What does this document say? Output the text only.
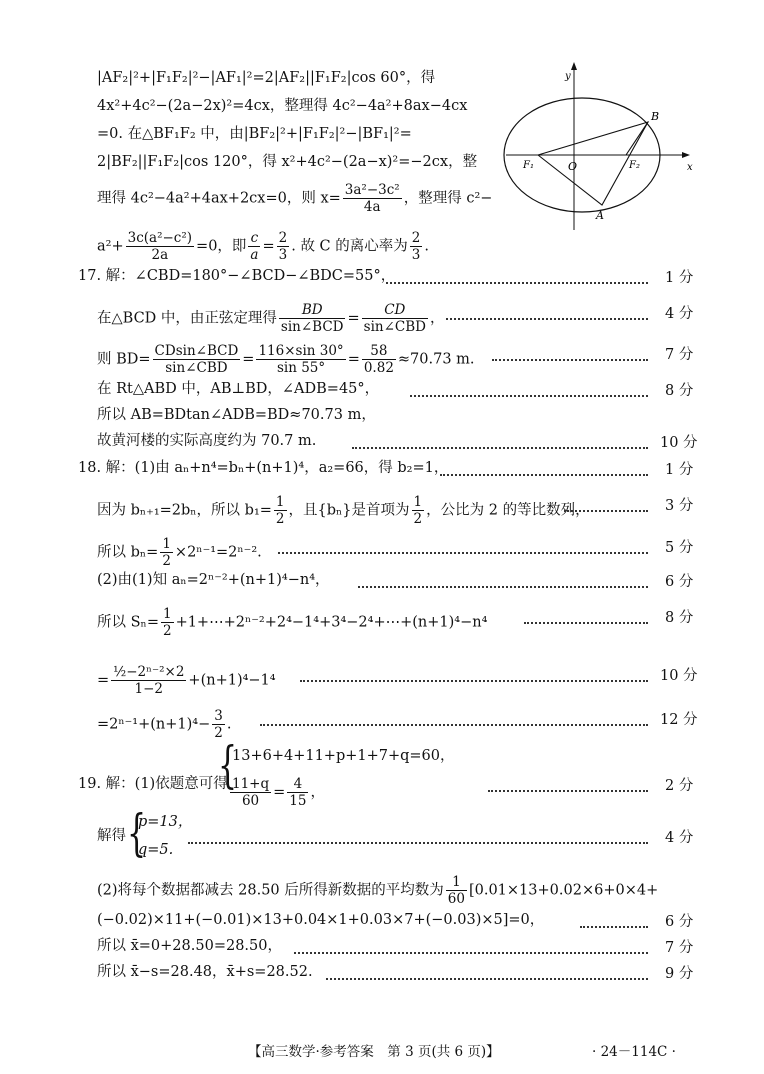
|AF₂|²+|F₁F₂|²−|AF₁|²=2|AF₂||F₁F₂|cos 60°，得
4x²+4c²−(2a−2x)²=4cx，整理得 4c²−4a²+8ax−4cx
=0. 在△BF₁F₂ 中，由|BF₂|²+|F₁F₂|²−|BF₁|²=
2|BF₂||F₁F₂|cos 120°，得 x²+4c²−(2a−x)²=−2cx，整
理得 4c²−4a²+4ax+2cx=0，则 $x= \frac{\text{3a²−3c²}}{4a}$ ，整理得 c²−
$a^2+ \frac{\text{3c(a²−c²)}}{2a} =0$，即 $\frac{c}{a} = \frac{2}{3}$ . 故 C 的离心率为 $\frac{2}{3}$ .
y
x
O
B
A
F₁	F₂
17. 解：∠CBD=180°−∠BCD−∠BDC=55°，	1 分
在△BCD 中，由正弦定理得 $\frac{BD}{\text{sin∠BCD}} = \frac{CD}{\text{sin∠CBD}}$ ，	4 分
则 $BD= \frac{\text{CDsin∠BCD}}{\text{sin∠CBD}} = \frac{116\times\sin 30^\circ}{\sin 55^\circ} = \frac{58}{0.82} \approx 70.73$ m.	7 分
在 Rt△ABD 中，AB⊥BD，∠ADB=45°，	8 分
所以 AB=BDtan∠ADB=BD≈70.73 m，
故黄河楼的实际高度约为 70.7 m.	10 分
18. 解：(1)由 aₙ+n⁴=bₙ+(n+1)⁴，a₂=66，得 b₂=1，	1 分
因为 bₙ₊₁=2bₙ，所以 $b_1= \frac{1}{2}$ ，且{bₙ}是首项为 $\frac{1}{2}$ ，公比为 2 的等比数列，	3 分
所以 $b_n= \frac{1}{2} \times 2^{n-1}=2^{n-2}$.	5 分
(2)由(1)知 aₙ=2ⁿ⁻²+(n+1)⁴−n⁴，	6 分
所以 $S_n= \frac{1}{2}$ +1+⋯+2ⁿ⁻²+2⁴−1⁴+3⁴−2⁴+⋯+(n+1)⁴−n⁴	8 分
= $\frac{\text{½−2ⁿ⁻²×2}}{1-2} +(n+1)^4-1^4$	10 分
$=2^{n-1}+(n+1)^4- \frac{3}{2}$ .	12 分
19. 解：(1)依题意可得
{
13+6+4+11+p+1+7+q=60，
$\frac{11+q}{60} = \frac{4}{15}$ ，	2 分
解得 {
p=13，
q=5.
4 分
(2)将每个数据都减去 28.50 后所得新数据的平均数为 $\frac{1}{60} [0.01\times 13+0.02\times 6+0\times 4+$
(−0.02)×11+(−0.01)×13+0.04×1+0.03×7+(−0.03)×5]=0，	6 分
所以 x̄=0+28.50=28.50，	7 分
所以 x̄−s=28.48，x̄+s=28.52.	9 分
【高三数学·参考答案　第 3 页(共 6 页)】	· 24－114C ·
